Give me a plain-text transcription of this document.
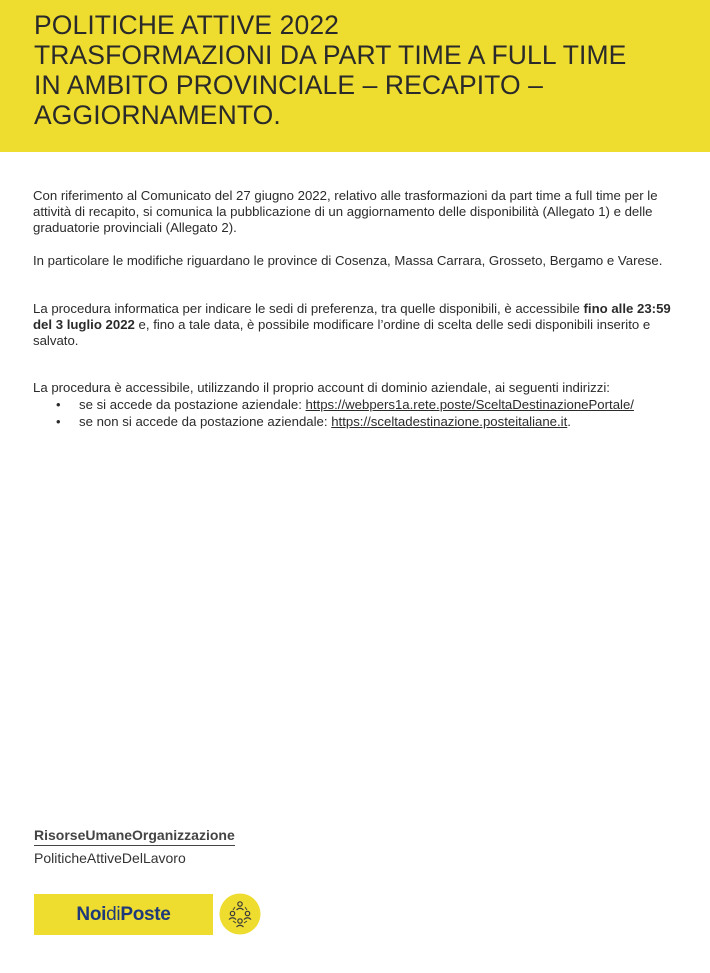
POLITICHE ATTIVE 2022
TRASFORMAZIONI DA PART TIME A FULL TIME
IN AMBITO PROVINCIALE – RECAPITO –
AGGIORNAMENTO.

Con riferimento al Comunicato del 27 giugno 2022, relativo alle trasformazioni da part time a full time per le attività di recapito, si comunica la pubblicazione di un aggiornamento delle disponibilità (Allegato 1) e delle graduatorie provinciali (Allegato 2).

In particolare le modifiche riguardano le province di Cosenza, Massa Carrara, Grosseto, Bergamo e Varese.

La procedura informatica per indicare le sedi di preferenza, tra quelle disponibili, è accessibile fino alle 23:59 del 3 luglio 2022 e, fino a tale data, è possibile modificare l’ordine di scelta delle sedi disponibili inserito e salvato.

La procedura è accessibile, utilizzando il proprio account di dominio aziendale, ai seguenti indirizzi:

• se si accede da postazione aziendale: https://webpers1a.rete.poste/SceltaDestinazionePortale/
• se non si accede da postazione aziendale: https://sceltadestinazione.posteitaliane.it.
RisorseUmaneOrganizzazione
PoliticheAttiveDelLavoro
Noi di Poste
